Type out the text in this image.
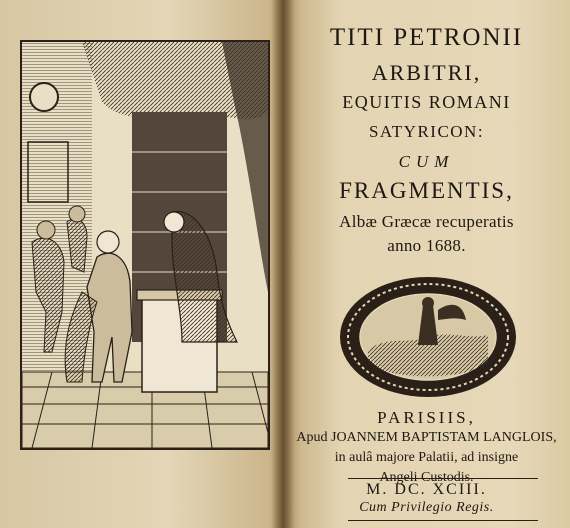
TITI PETRONII
ARBITRI,
EQUITIS ROMANI
SATYRICON:
CUM
FRAGMENTIS,
Albæ Græcæ recuperatis
anno 1688.
PARISIIS,
Apud JOANNEM BAPTISTAM LANGLOIS,
in aulâ majore Palatii, ad insigne
Angeli Custodis.
M. DC. XCIII.
Cum Privilegio Regis.
